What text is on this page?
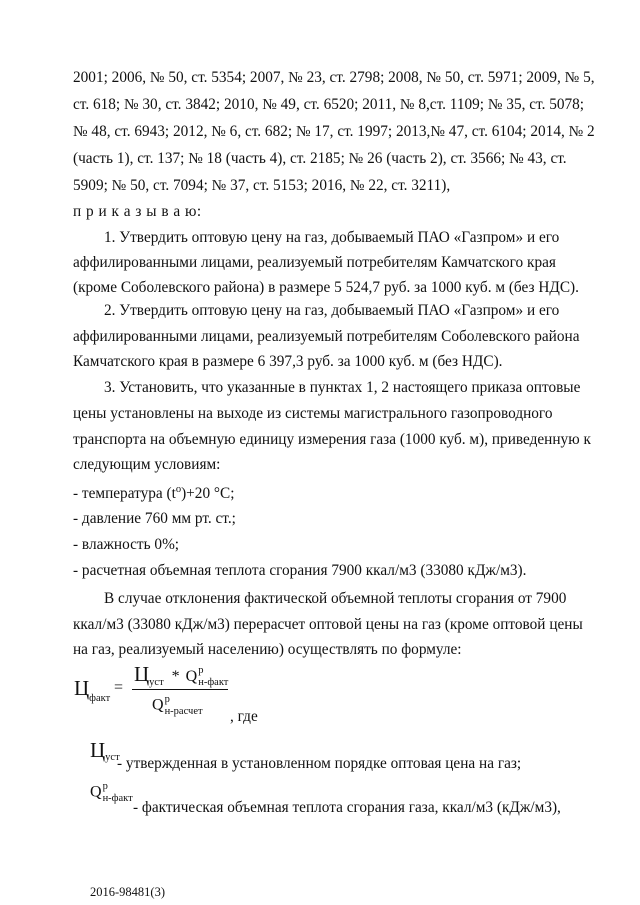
2001; 2006, № 50, ст. 5354; 2007, № 23, ст. 2798; 2008, № 50, ст. 5971; 2009, № 5,
ст. 618; № 30, ст. 3842; 2010, № 49, ст. 6520; 2011, № 8,ст. 1109; № 35, ст. 5078;
№ 48, ст. 6943; 2012, № 6, ст. 682; № 17, ст. 1997; 2013,№ 47, ст. 6104; 2014, № 2
(часть 1), ст. 137; № 18 (часть 4), ст. 2185; № 26 (часть 2), ст. 3566; № 43, ст.
5909; № 50, ст. 7094; № 37, ст. 5153; 2016, № 22, ст. 3211),
п р и к а з ы в а ю:
1. Утвердить оптовую цену на газ, добываемый ПАО «Газпром» и его
аффилированными лицами, реализуемый потребителям Камчатского края
(кроме Соболевского района) в размере 5 524,7 руб. за 1000 куб. м (без НДС).
2. Утвердить оптовую цену на газ, добываемый ПАО «Газпром» и его
аффилированными лицами, реализуемый потребителям Соболевского района
Камчатского края в размере 6 397,3 руб. за 1000 куб. м (без НДС).
3. Установить, что указанные в пунктах 1, 2 настоящего приказа оптовые
цены установлены на выходе из системы магистрального газопроводного
транспорта на объемную единицу измерения газа (1000 куб. м), приведенную к
следующим условиям:
- температура $(t^o)+20$ °С;
- давление 760 мм рт. ст.;
- влажность 0%;
- расчетная объемная теплота сгорания 7900 ккал/м3 (33080 кДж/м3).
В случае отклонения фактической объемной теплоты сгорания от 7900
ккал/м3 (33080 кДж/м3) перерасчет оптовой цены на газ (кроме оптовой цены
на газ, реализуемый населению) осуществлять по формуле:
$Ц_{факт}$
=
$Ц_{уст}$ * Q р
н-факт
Q р
н-расчет , где
Цуст
- утвержденная в установленном порядке оптовая цена на газ;
Q р
н-факт
- фактическая объемная теплота сгорания газа, ккал/м3 (кДж/м3),
2016-98481(3)
